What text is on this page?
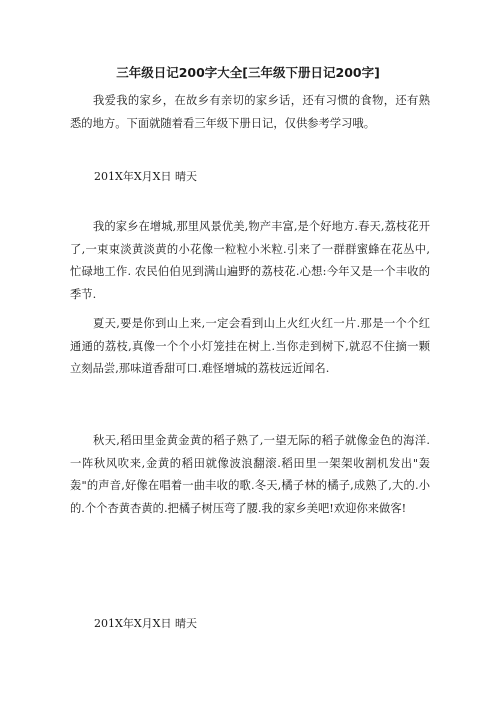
三年级日记200字大全[三年级下册日记200字]

我爱我的家乡，在故乡有亲切的家乡话，还有习惯的食物，还有熟悉的地方。下面就随着看三年级下册日记，仅供参考学习哦。

201X年X月X日 晴天

我的家乡在增城,那里风景优美,物产丰富,是个好地方.春天,荔枝花开了,一束束淡黄淡黄的小花像一粒粒小米粒.引来了一群群蜜蜂在花丛中,忙碌地工作. 农民伯伯见到满山遍野的荔枝花.心想:今年又是一个丰收的季节.

夏天,要是你到山上来,一定会看到山上火红火红一片.那是一个个红通通的荔枝,真像一个个小灯笼挂在树上.当你走到树下,就忍不住摘一颗立刻品尝,那味道香甜可口.难怪增城的荔枝远近闻名.

秋天,稻田里金黄金黄的稻子熟了,一望无际的稻子就像金色的海洋.一阵秋风吹来,金黄的稻田就像波浪翻滚.稻田里一架架收割机发出"轰轰"的声音,好像在唱着一曲丰收的歌.冬天,橘子林的橘子,成熟了,大的.小的.个个杏黄杏黄的.把橘子树压弯了腰.我的家乡美吧!欢迎你来做客!

201X年X月X日 晴天
